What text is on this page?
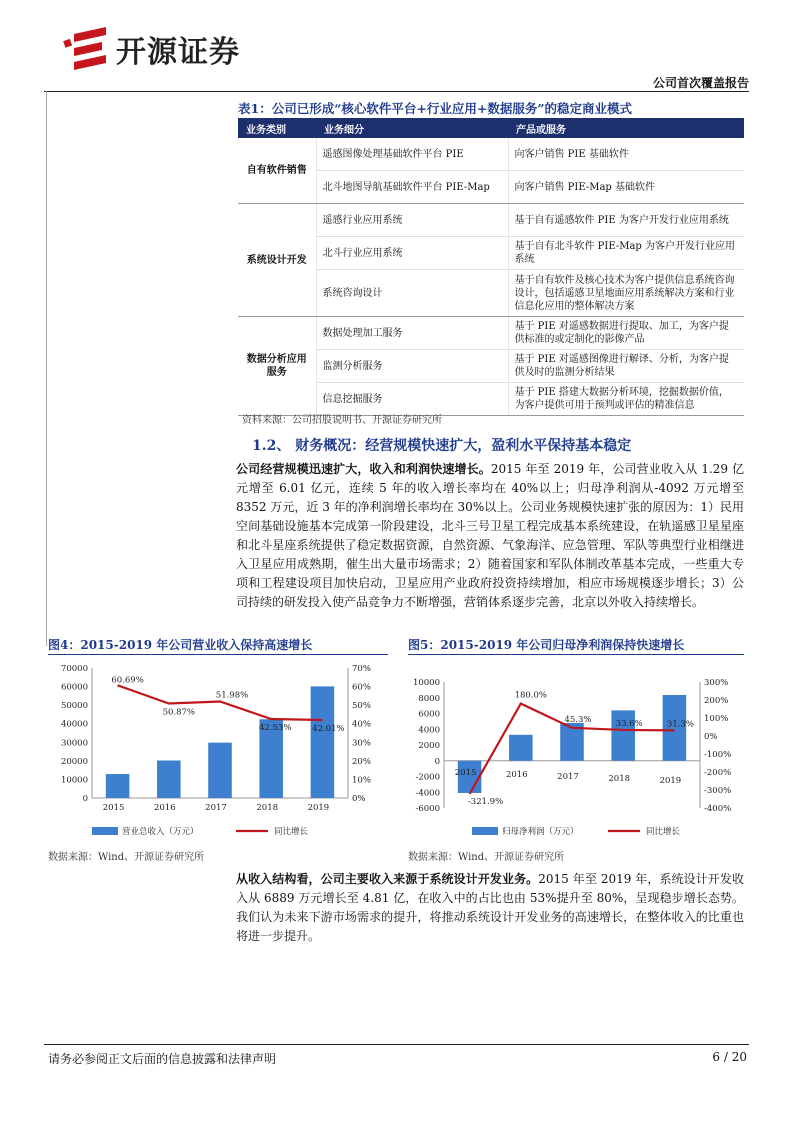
开源证券
公司首次覆盖报告
表1：公司已形成“核心软件平台+行业应用+数据服务”的稳定商业模式
业务类别	业务细分	产品或服务
自有软件销售	遥感图像处理基础软件平台 PIE	向客户销售 PIE 基础软件
	北斗地图导航基础软件平台 PIE-Map	向客户销售 PIE-Map 基础软件
系统设计开发	遥感行业应用系统	基于自有遥感软件 PIE 为客户开发行业应用系统
	北斗行业应用系统	基于自有北斗软件 PIE-Map 为客户开发行业应用系统
	系统咨询设计	基于自有软件及核心技术为客户提供信息系统咨询设计，包括遥感卫星地面应用系统解决方案和行业信息化应用的整体解决方案
数据分析应用服务	数据处理加工服务	基于 PIE 对遥感数据进行提取、加工，为客户提供标准的或定制化的影像产品
	监测分析服务	基于 PIE 对遥感图像进行解译、分析，为客户提供及时的监测分析结果
	信息挖掘服务	基于 PIE 搭建大数据分析环境，挖掘数据价值，为客户提供可用于预判或评估的精准信息
资料来源：公司招股说明书、开源证券研究所
1.2、 财务概况：经营规模快速扩大，盈利水平保持基本稳定
公司经营规模迅速扩大，收入和利润快速增长。2015 年至 2019 年，公司营业收入从 1.29 亿元增至 6.01 亿元，连续 5 年的收入增长率均在 40%以上；归母净利润从-4092 万元增至 8352 万元，近 3 年的净利润增长率均在 30%以上。公司业务规模快速扩张的原因为：1）民用空间基础设施基本完成第一阶段建设，北斗三号卫星工程完成基本系统建设，在轨遥感卫星星座和北斗星座系统提供了稳定数据资源，自然资源、气象海洋、应急管理、军队等典型行业相继进入卫星应用成熟期，催生出大量市场需求；2）随着国家和军队体制改革基本完成，一些重大专项和工程建设项目加快启动，卫星应用产业政府投资持续增加，相应市场规模逐步增长；3）公司持续的研发投入使产品竞争力不断增强，营销体系逐步完善，北京以外收入持续增长。
图4：2015-2019 年公司营业收入保持高速增长	图5：2015-2019 年公司归母净利润保持快速增长
0
10000
20000
30000
40000
50000
60000
70000
0%
10%
20%
30%
40%
50%
60%
70%
2015	2016	2017	2018	2019
60.69%
50.87%
51.98%
42.53% 42.01%
营业总收入（万元）	同比增长
-6000
-4000
-2000
0
2000
4000
6000
8000
10000
-400%
-300%
-200%
-100%
0%
100%
200%
300%
2015	2016	2017	2018	2019
-321.9%
180.0%
45.3%	33.6%	31.3%
归母净利润（万元）	同比增长
数据来源：Wind、开源证券研究所	数据来源：Wind、开源证券研究所
从收入结构看，公司主要收入来源于系统设计开发业务。2015 年至 2019 年，系统设计开发收入从 6889 万元增长至 4.81 亿，在收入中的占比也由 53%提升至 80%，呈现稳步增长态势。我们认为未来下游市场需求的提升，将推动系统设计开发业务的高速增长，在整体收入的比重也将进一步提升。
请务必参阅正文后面的信息披露和法律声明	6 / 20
